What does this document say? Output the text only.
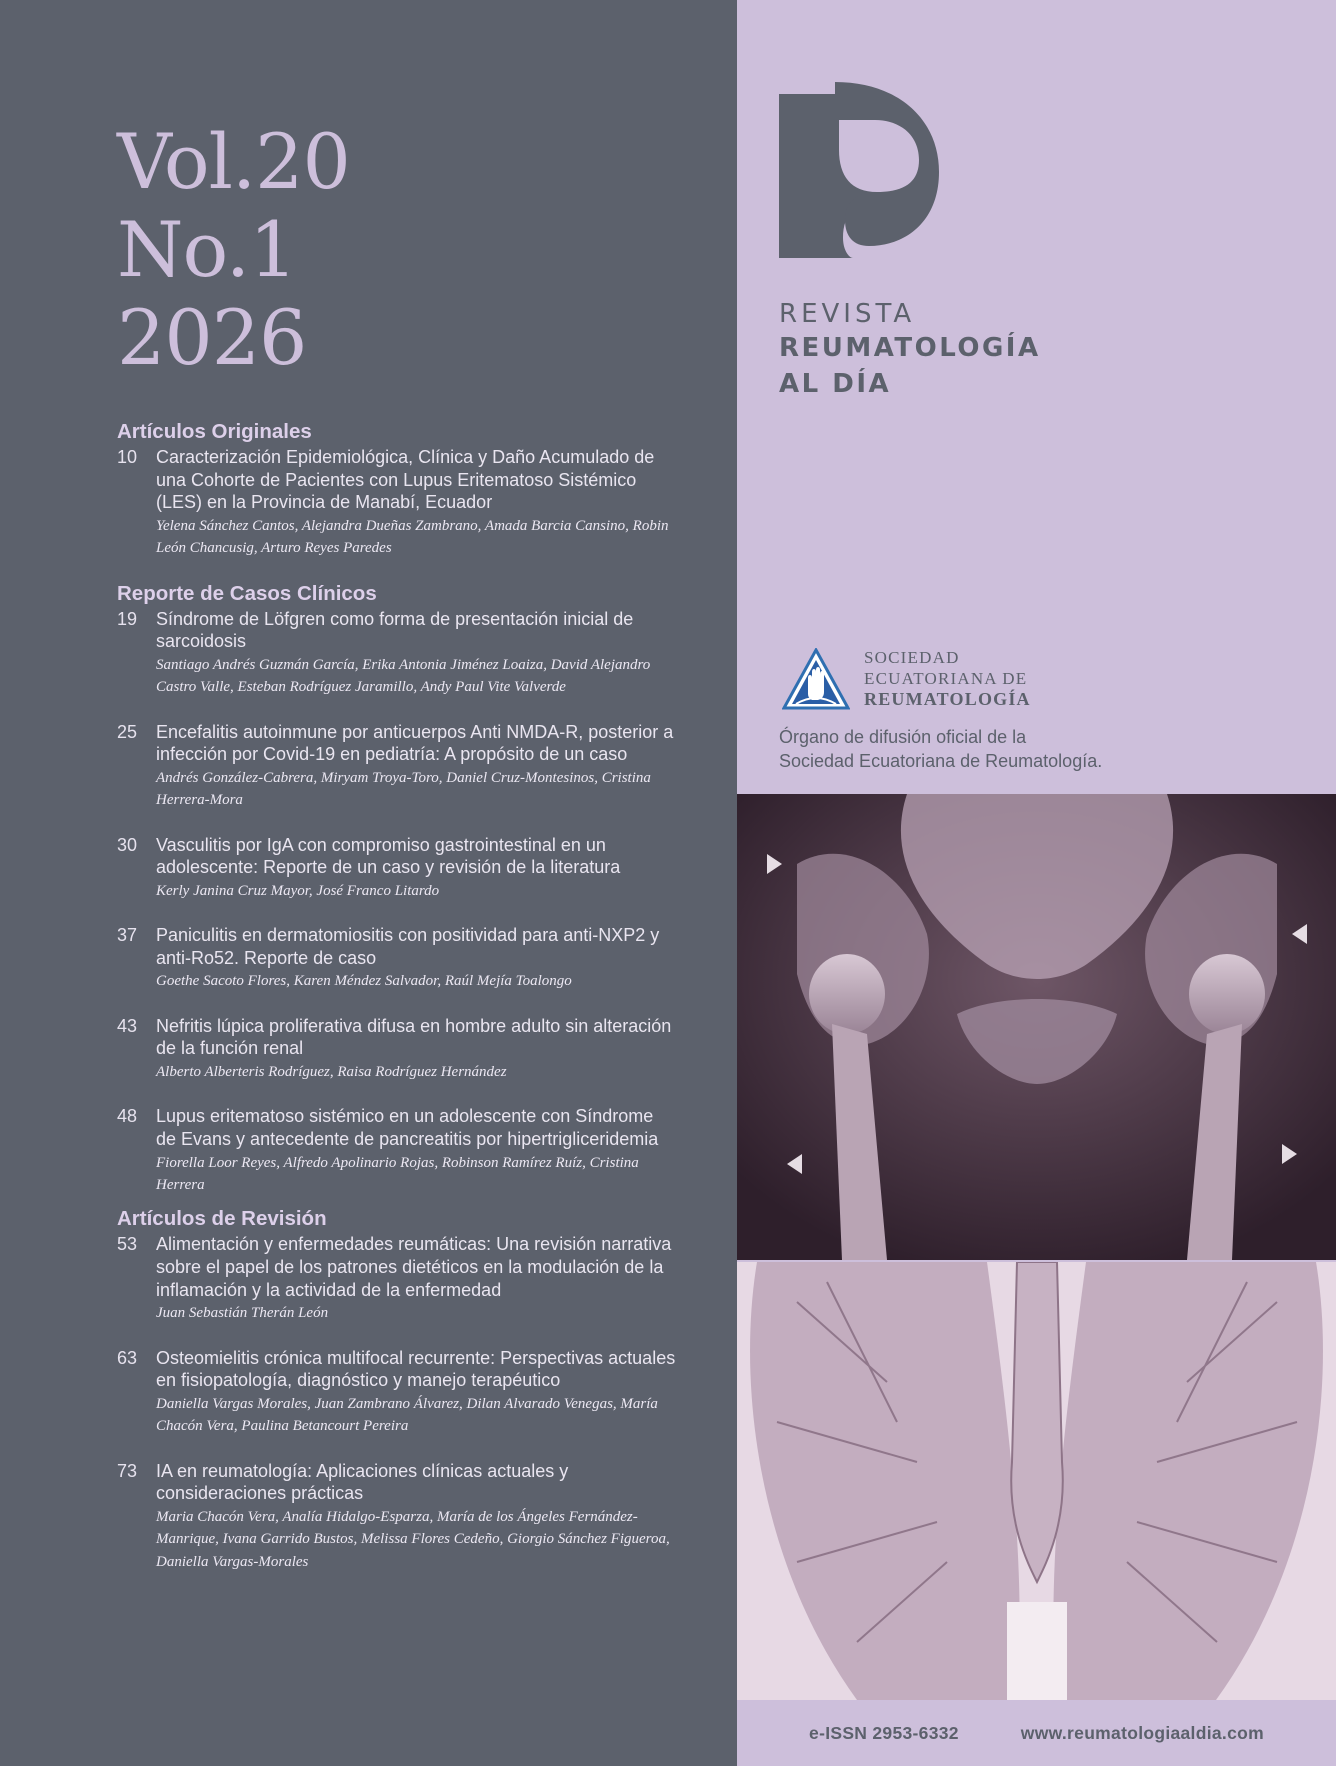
Vol.20
No.1
2026
Artículos Originales
10	Caracterización Epidemiológica, Clínica y Daño Acumulado de una Cohorte de Pacientes con Lupus Eritematoso Sistémico (LES) en la Provincia de Manabí, Ecuador
Yelena Sánchez Cantos, Alejandra Dueñas Zambrano, Amada Barcia Cansino, Robin León Chancusig, Arturo Reyes Paredes
Reporte de Casos Clínicos
19	Síndrome de Löfgren como forma de presentación inicial de sarcoidosis
Santiago Andrés Guzmán García, Erika Antonia Jiménez Loaiza, David Alejandro Castro Valle, Esteban Rodríguez Jaramillo, Andy Paul Vite Valverde
25	Encefalitis autoinmune por anticuerpos Anti NMDA-R, posterior a infección por Covid-19 en pediatría: A propósito de un caso
Andrés González-Cabrera, Miryam Troya-Toro, Daniel Cruz-Montesinos, Cristina Herrera-Mora
30	Vasculitis por IgA con compromiso gastrointestinal en un adolescente: Reporte de un caso y revisión de la literatura
Kerly Janina Cruz Mayor, José Franco Litardo
37	Paniculitis en dermatomiositis con positividad para anti-NXP2 y anti-Ro52. Reporte de caso
Goethe Sacoto Flores, Karen Méndez Salvador, Raúl Mejía Toalongo
43	Nefritis lúpica proliferativa difusa en hombre adulto sin alteración de la función renal
Alberto Alberteris Rodríguez, Raisa Rodríguez Hernández
48	Lupus eritematoso sistémico en un adolescente con Síndrome de Evans y antecedente de pancreatitis por hipertrigliceridemia
Fiorella Loor Reyes, Alfredo Apolinario Rojas, Robinson Ramírez Ruíz, Cristina Herrera
Artículos de Revisión
53	Alimentación y enfermedades reumáticas: Una revisión narrativa sobre el papel de los patrones dietéticos en la modulación de la inflamación y la actividad de la enfermedad
Juan Sebastián Therán León
63	Osteomielitis crónica multifocal recurrente: Perspectivas actuales en fisiopatología, diagnóstico y manejo terapéutico
Daniella Vargas Morales, Juan Zambrano Álvarez, Dilan Alvarado Venegas, María Chacón Vera, Paulina Betancourt Pereira
73	IA en reumatología: Aplicaciones clínicas actuales y consideraciones prácticas
Maria Chacón Vera, Analía Hidalgo-Esparza, María de los Ángeles Fernández-Manrique, Ivana Garrido Bustos, Melissa Flores Cedeño, Giorgio Sánchez Figueroa, Daniella Vargas-Morales
REVISTA
REUMATOLOGÍA
AL DÍA
SOCIEDAD
ECUATORIANA DE
REUMATOLOGÍA
Órgano de difusión oficial de la
Sociedad Ecuatoriana de Reumatología.
e-ISSN 2953-6332	www.reumatologiaaldia.com
